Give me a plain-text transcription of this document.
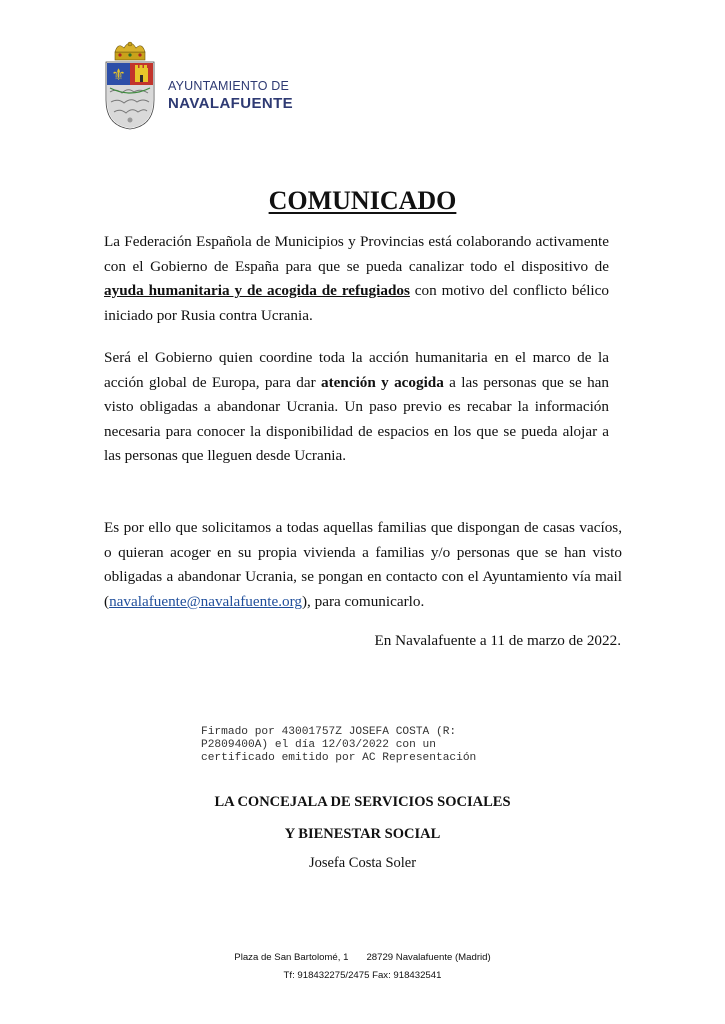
⚜
AYUNTAMIENTO DE
NAVALAFUENTE
COMUNICADO
La Federación Española de Municipios y Provincias está colaborando activamente con el Gobierno de España para que se pueda canalizar todo el dispositivo de ayuda humanitaria y de acogida de refugiados con motivo del conflicto bélico iniciado por Rusia contra Ucrania.
Será el Gobierno quien coordine toda la acción humanitaria en el marco de la acción global de Europa, para dar atención y acogida a las personas que se han visto obligadas a abandonar Ucrania. Un paso previo es recabar la información necesaria para conocer la disponibilidad de espacios en los que se pueda alojar a las personas que lleguen desde Ucrania.
Es por ello que solicitamos a todas aquellas familias que dispongan de casas vacíos, o quieran acoger en su propia vivienda a familias y/o personas que se han visto obligadas a abandonar Ucrania, se pongan en contacto con el Ayuntamiento vía mail (navalafuente@navalafuente.org), para comunicarlo.
En Navalafuente a 11 de marzo de 2022.
Firmado por 43001757Z JOSEFA COSTA (R:
P2809400A) el día 12/03/2022 con un
certificado emitido por AC Representación
LA CONCEJALA DE SERVICIOS SOCIALES
Y BIENESTAR SOCIAL
Josefa Costa Soler
Plaza de San Bartolomé, 1 28729 Navalafuente (Madrid)
Tf: 918432275/2475 Fax: 918432541
